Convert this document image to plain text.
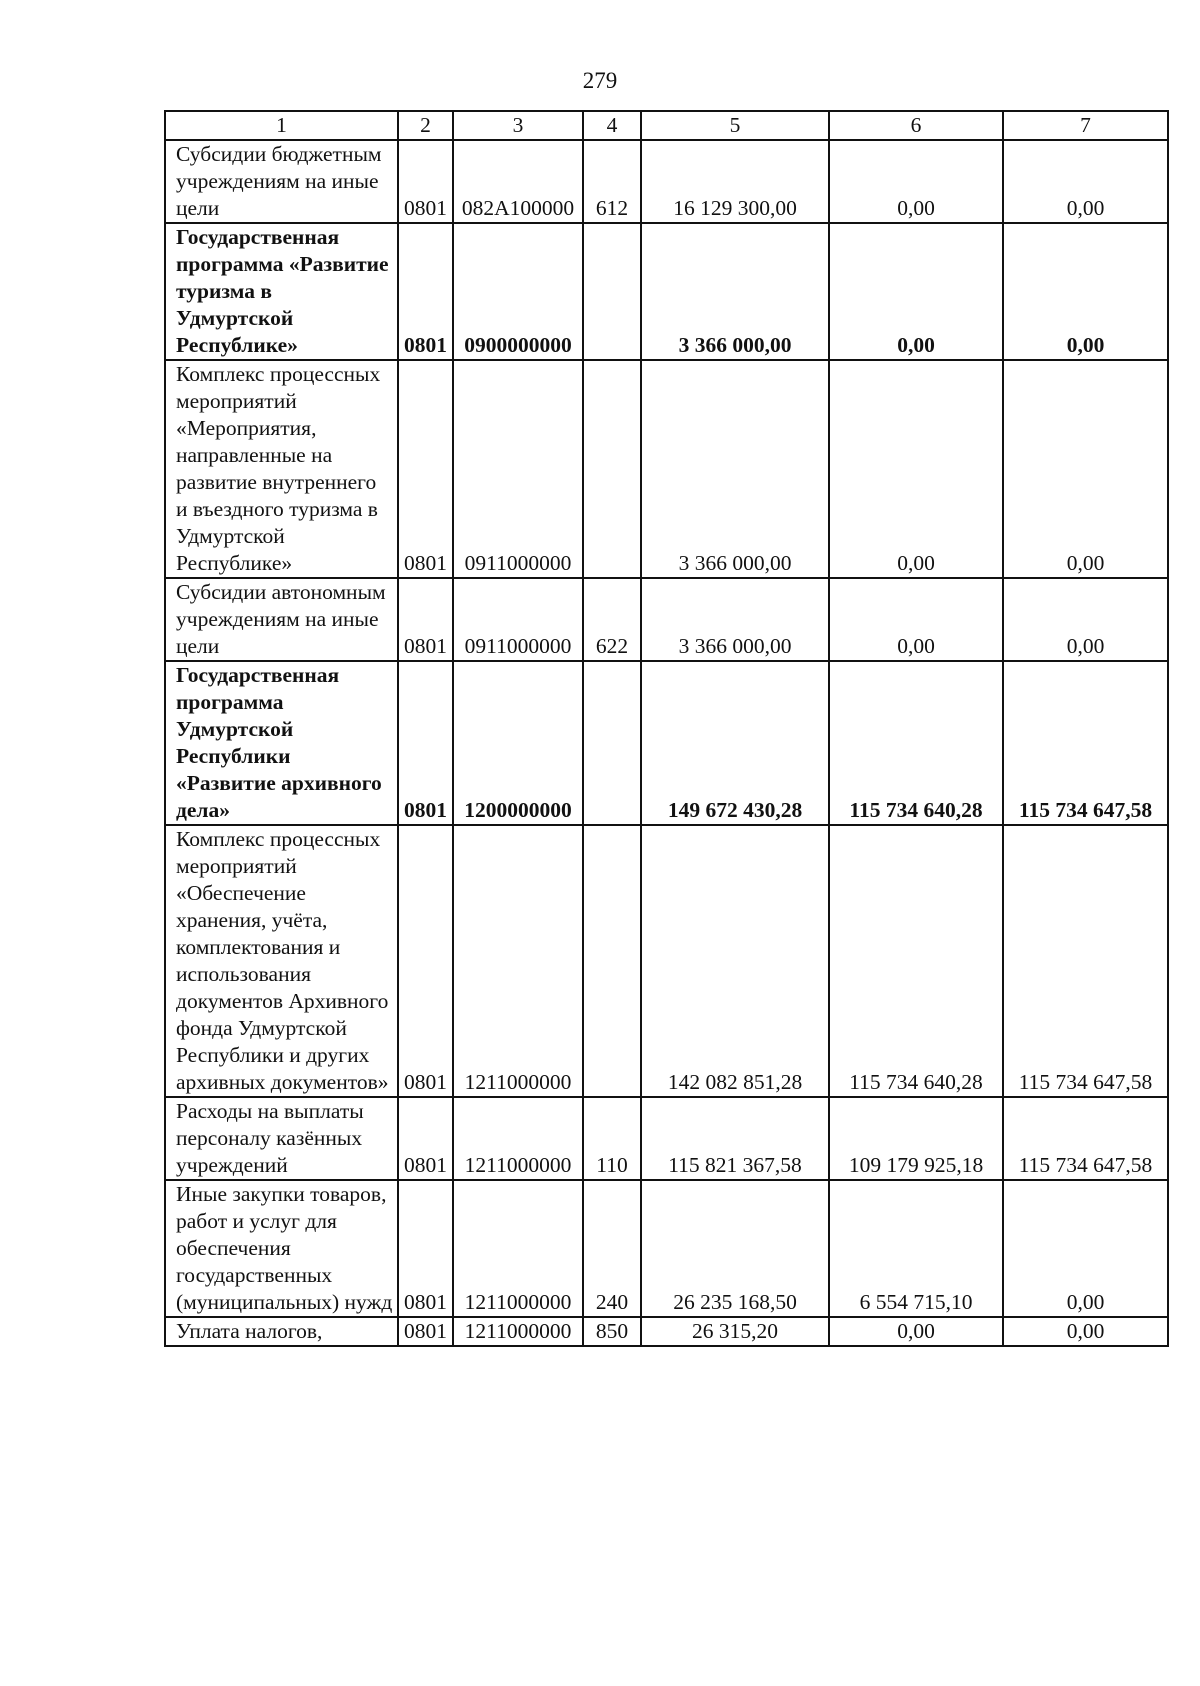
279
1	2	3	4	5	6	7
Субсидии бюджетным учреждениям на иные цели	0801	082A100000	612	16 129 300,00	0,00	0,00
Государственная программа «Развитие туризма в Удмуртской Республике»	0801	0900000000		3 366 000,00	0,00	0,00
Комплекс процессных мероприятий «Мероприятия, направленные на развитие внутреннего и въездного туризма в Удмуртской Республике»	0801	0911000000		3 366 000,00	0,00	0,00
Субсидии автономным учреждениям на иные цели	0801	0911000000	622	3 366 000,00	0,00	0,00
Государственная программа Удмуртской Республики «Развитие архивного дела»	0801	1200000000		149 672 430,28	115 734 640,28	115 734 647,58
Комплекс процессных мероприятий «Обеспечение хранения, учёта, комплектования и использования документов Архивного фонда Удмуртской Республики и других архивных документов»	0801	1211000000		142 082 851,28	115 734 640,28	115 734 647,58
Расходы на выплаты персоналу казённых учреждений	0801	1211000000	110	115 821 367,58	109 179 925,18	115 734 647,58
Иные закупки товаров, работ и услуг для обеспечения государственных (муниципальных) нужд	0801	1211000000	240	26 235 168,50	6 554 715,10	0,00
Уплата налогов,	0801	1211000000	850	26 315,20	0,00	0,00
